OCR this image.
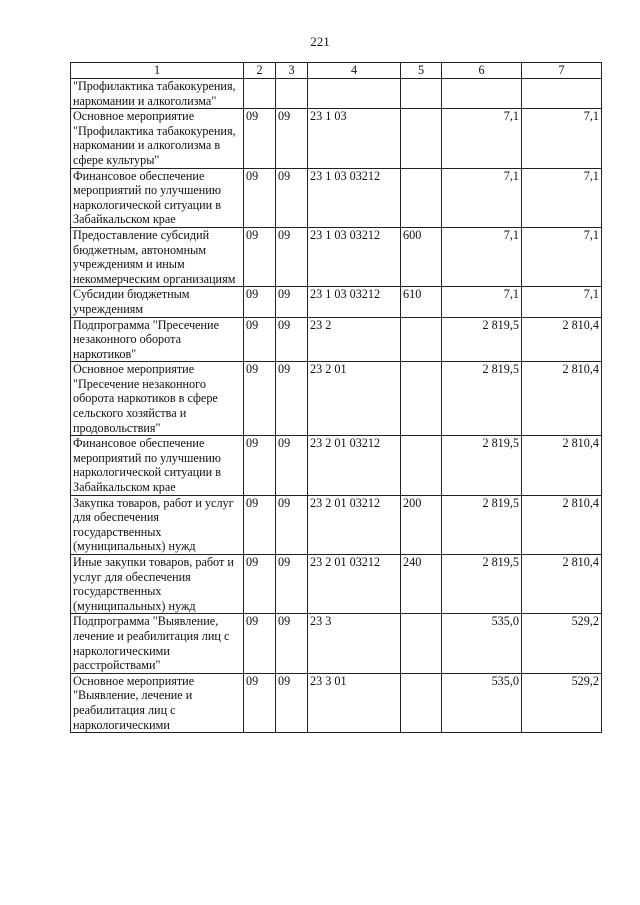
221
1	2	3	4	5	6	7
"Профилактика табакокурения, наркомании и алкоголизма"						
Основное мероприятие "Профилактика табакокурения, наркомании и алкоголизма в сфере культуры"	09	09	23 1 03		7,1	7,1
Финансовое обеспечение мероприятий по улучшению наркологической ситуации в Забайкальском крае	09	09	23 1 03 03212		7,1	7,1
Предоставление субсидий бюджетным, автономным учреждениям и иным некоммерческим организациям	09	09	23 1 03 03212	600	7,1	7,1
Субсидии бюджетным учреждениям	09	09	23 1 03 03212	610	7,1	7,1
Подпрограмма "Пресечение незаконного оборота наркотиков"	09	09	23 2		2 819,5	2 810,4
Основное мероприятие "Пресечение незаконного оборота наркотиков в сфере сельского хозяйства и продовольствия"	09	09	23 2 01		2 819,5	2 810,4
Финансовое обеспечение мероприятий по улучшению наркологической ситуации в Забайкальском крае	09	09	23 2 01 03212		2 819,5	2 810,4
Закупка товаров, работ и услуг для обеспечения государственных (муниципальных) нужд	09	09	23 2 01 03212	200	2 819,5	2 810,4
Иные закупки товаров, работ и услуг для обеспечения государственных (муниципальных) нужд	09	09	23 2 01 03212	240	2 819,5	2 810,4
Подпрограмма "Выявление, лечение и реабилитация лиц с наркологическими расстройствами"	09	09	23 3		535,0	529,2
Основное мероприятие "Выявление, лечение и реабилитация лиц с наркологическими	09	09	23 3 01		535,0	529,2
